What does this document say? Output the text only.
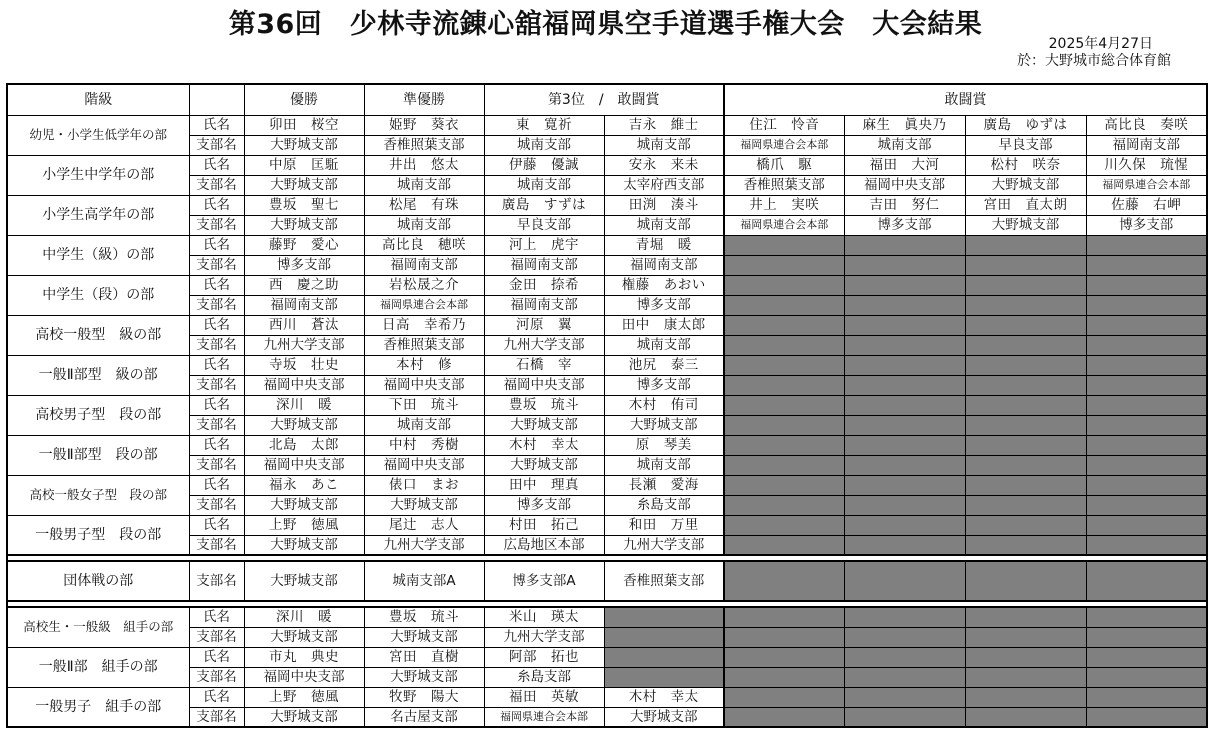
第36回　少林寺流錬心舘福岡県空手道選手権大会　大会結果
2025年4月27日
於：大野城市総合体育館
階級		優勝	準優勝	第3位　/　敢闘賞		敢闘賞			
幼児・小学生低学年の部	氏名	卯田　桜空	姫野　葵衣	東　寛祈	吉永　維士	住江　怜音	麻生　眞央乃	廣島　ゆずは	高比良　奏咲
	支部名	大野城支部	香椎照葉支部	城南支部	城南支部	福岡県連合会本部	城南支部	早良支部	福岡南支部
小学生中学年の部	氏名	中原　匡駈	井出　悠太	伊藤　優誠	安永　来未	橋爪　駆	福田　大河	松村　咲奈	川久保　琉惺
	支部名	大野城支部	城南支部	城南支部	太宰府西支部	香椎照葉支部	福岡中央支部	大野城支部	福岡県連合会本部
小学生高学年の部	氏名	豊坂　聖七	松尾　有珠	廣島　すずは	田渕　湊斗	井上　実咲	吉田　努仁	宮田　直太朗	佐藤　右岬
	支部名	大野城支部	城南支部	早良支部	城南支部	福岡県連合会本部	博多支部	大野城支部	博多支部
中学生（級）の部	氏名	藤野　愛心	高比良　穂咲	河上　虎宇	青堀　暖				
	支部名	博多支部	福岡南支部	福岡南支部	福岡南支部				
中学生（段）の部	氏名	西　慶之助	岩松晟之介	金田　捺希	権藤　あおい				
	支部名	福岡南支部	福岡県連合会本部	福岡南支部	博多支部				
高校一般型　級の部	氏名	西川　蒼汰	日高　幸希乃	河原　翼	田中　康太郎				
	支部名	九州大学支部	香椎照葉支部	九州大学支部	城南支部				
一般Ⅱ部型　級の部	氏名	寺坂　壮史	本村　修	石橋　宰	池尻　泰三				
	支部名	福岡中央支部	福岡中央支部	福岡中央支部	博多支部				
高校男子型　段の部	氏名	深川　暖	下田　琉斗	豊坂　琉斗	木村　侑司				
	支部名	大野城支部	城南支部	大野城支部	大野城支部				
一般Ⅱ部型　段の部	氏名	北島　太郎	中村　秀樹	木村　幸太	原　琴美				
	支部名	福岡中央支部	福岡中央支部	大野城支部	城南支部				
高校一般女子型　段の部	氏名	福永　あこ	俵口　まお	田中　理真	長瀬　愛海				
	支部名	大野城支部	大野城支部	博多支部	糸島支部				
一般男子型　段の部	氏名	上野　徳風	尾辻　志人	村田　拓己	和田　万里				
	支部名	大野城支部	九州大学支部	広島地区本部	九州大学支部				

団体戦の部	支部名	大野城支部	城南支部A	博多支部A	香椎照葉支部				

高校生・一般級　組手の部	氏名	深川　暖	豊坂　琉斗	米山　瑛太					
	支部名	大野城支部	大野城支部	九州大学支部					
一般Ⅱ部　組手の部	氏名	市丸　典史	宮田　直樹	阿部　拓也					
	支部名	福岡中央支部	大野城支部	糸島支部					
一般男子　組手の部	氏名	上野　徳風	牧野　陽大	福田　英敏	木村　幸太				
	支部名	大野城支部	名古屋支部	福岡県連合会本部	大野城支部				
